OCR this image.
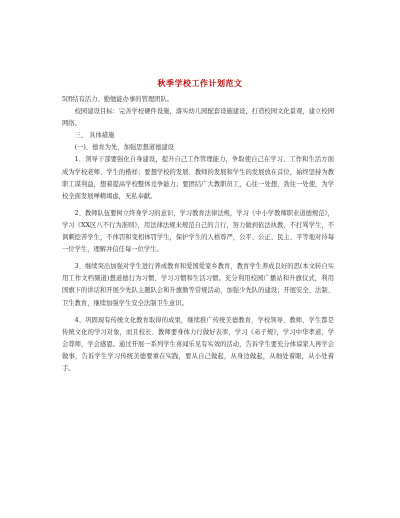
秋季学校工作计划范文

5团结有活力、勤勉能办事的管理团队。

校园建设目标：完善学校硬件设施，落实幼儿园配套设施建设，打造校园文化景观，建立校园网络。

三、 具体措施

(一)、德育为先，加强思想道德建设

1．领导干部要强化自身建设，提升自己工作管理能力，争取使自己在学习、工作和生活方面成为学校老师、学生的楷样；要想学校的发展、教师的发展和学生的发展放在首位，始终坚持为教职工谋利益，想着提高学校整体竞争能力；要团结广大教职员工，心往一处想，劲往一处使，为学校全面发展殚精竭虑，无私奉献。

2、教师队伍要树立终身学习的意识，学习教育法律法规，学习《中小学教师职业道德规范》，学习《XX区八不行为准则》，用法律法规来规范自己的言行，努力做到依法执教、不打骂学生，不讽刺挖苦学生，不体罚和变相体罚学生，保护学生的人格尊严，公平、公正、民主、平等地对待每一位学生，理解并信任每一位学生。

3、继续突出加强对学生进行养成教育和爱国爱家乡教育，教育学生养成良好的思(本文转自实用工作文档频道)想道德行为习惯、学习习惯和生活习惯。充分利用校园广播站和升旗仪式，利用国旗下的讲话和开展少先队主题队会和升旗勤等常规活动，加强少先队的建设；开展安全、法制、卫生教育，继续加强学生安全法制卫生意识。

4、巩固现有传统文化教育取得的成果，继续推广传统美德教育，学校领导、教师、学生都是传统文化的学习对象，而且校长、教师要身体力行做好表率，学习《弟子规》，学习中华孝道，学会尊师，学会感恩。通过开展一系列学生喜闻乐见有实效的活动，告诉学生要充分体谅家人再学会做事，告诉学生学习传统美德要重在实践，要从自己做起，从身边做起，从细处着眼，从小处着手。
